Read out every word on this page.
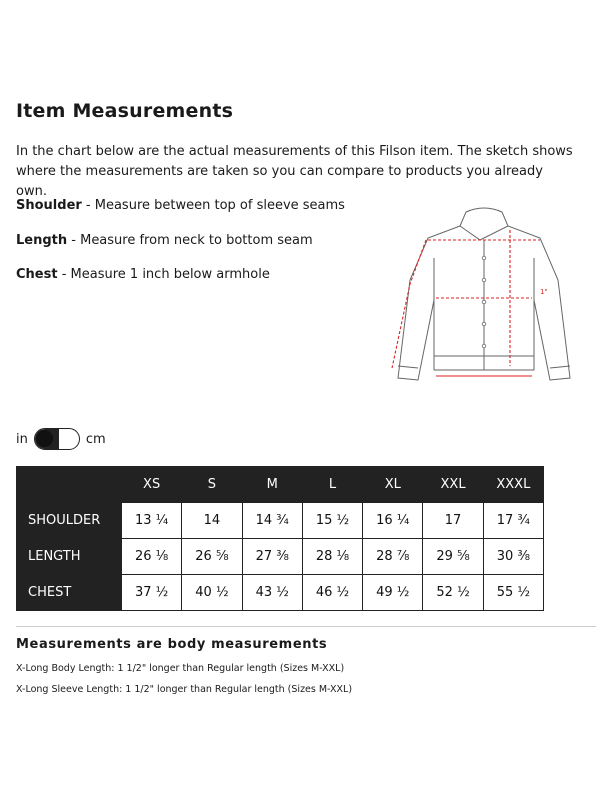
Item Measurements
In the chart below are the actual measurements of this Filson item. The sketch shows where the measurements are taken so you can compare to products you already own.
Shoulder - Measure between top of sleeve seams
Length - Measure from neck to bottom seam
Chest - Measure 1 inch below armhole
1"
in	cm
	XS	S	M	L	XL	XXL	XXXL
SHOULDER	13 ¼	14	14 ¾	15 ½	16 ¼	17	17 ¾
LENGTH	26 ⅛	26 ⅝	27 ⅜	28 ⅛	28 ⅞	29 ⅝	30 ⅜
CHEST	37 ½	40 ½	43 ½	46 ½	49 ½	52 ½	55 ½
Measurements are body measurements
X-Long Body Length: 1 1/2" longer than Regular length (Sizes M-XXL)
X-Long Sleeve Length: 1 1/2" longer than Regular length (Sizes M-XXL)
